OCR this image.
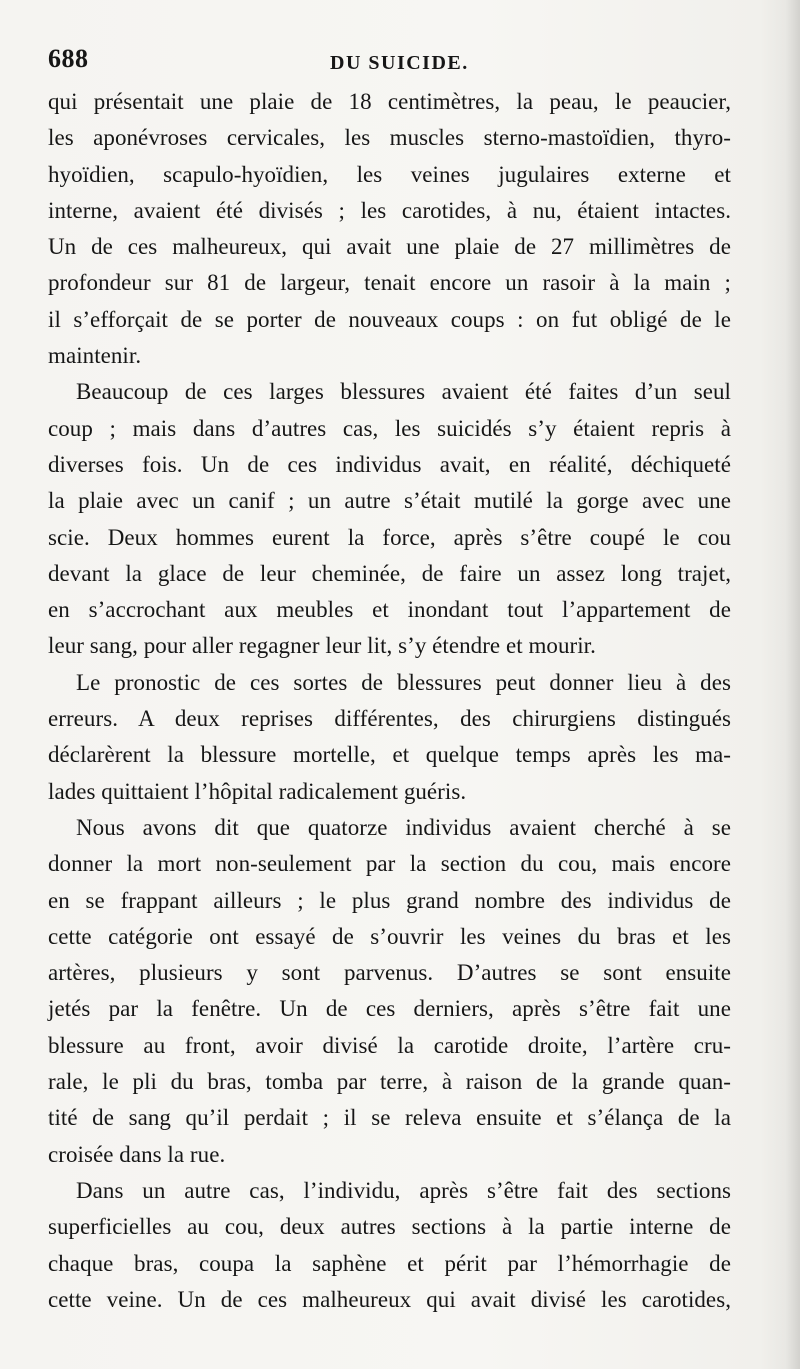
688	DU SUICIDE.
qui présentait une plaie de 18 centimètres, la peau, le peaucier,
les aponévroses cervicales, les muscles sterno-mastoïdien, thyro-
hyoïdien, scapulo-hyoïdien, les veines jugulaires externe et
interne, avaient été divisés ; les carotides, à nu, étaient intactes.
Un de ces malheureux, qui avait une plaie de 27 millimètres de
profondeur sur 81 de largeur, tenait encore un rasoir à la main ;
il s’efforçait de se porter de nouveaux coups : on fut obligé de le
maintenir.
Beaucoup de ces larges blessures avaient été faites d’un seul
coup ; mais dans d’autres cas, les suicidés s’y étaient repris à
diverses fois. Un de ces individus avait, en réalité, déchiqueté
la plaie avec un canif ; un autre s’était mutilé la gorge avec une
scie. Deux hommes eurent la force, après s’être coupé le cou
devant la glace de leur cheminée, de faire un assez long trajet,
en s’accrochant aux meubles et inondant tout l’appartement de
leur sang, pour aller regagner leur lit, s’y étendre et mourir.
Le pronostic de ces sortes de blessures peut donner lieu à des
erreurs. A deux reprises différentes, des chirurgiens distingués
déclarèrent la blessure mortelle, et quelque temps après les ma-
lades quittaient l’hôpital radicalement guéris.
Nous avons dit que quatorze individus avaient cherché à se
donner la mort non-seulement par la section du cou, mais encore
en se frappant ailleurs ; le plus grand nombre des individus de
cette catégorie ont essayé de s’ouvrir les veines du bras et les
artères, plusieurs y sont parvenus. D’autres se sont ensuite
jetés par la fenêtre. Un de ces derniers, après s’être fait une
blessure au front, avoir divisé la carotide droite, l’artère cru-
rale, le pli du bras, tomba par terre, à raison de la grande quan-
tité de sang qu’il perdait ; il se releva ensuite et s’élança de la
croisée dans la rue.
Dans un autre cas, l’individu, après s’être fait des sections
superficielles au cou, deux autres sections à la partie interne de
chaque bras, coupa la saphène et périt par l’hémorrhagie de
cette veine. Un de ces malheureux qui avait divisé les carotides,
